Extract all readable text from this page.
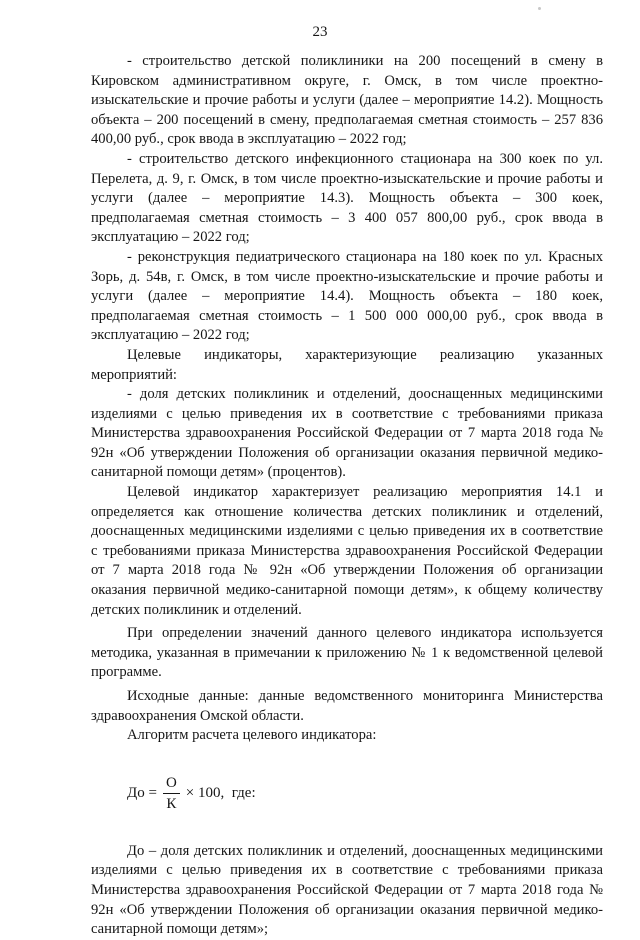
23

- строительство детской поликлиники на 200 посещений в смену в Кировском административном округе, г. Омск, в том числе проектно-изыскательские и прочие работы и услуги (далее – мероприятие 14.2). Мощность объекта – 200 посещений в смену, предполагаемая сметная стоимость – 257 836 400,00 руб., срок ввода в эксплуатацию – 2022 год;

- строительство детского инфекционного стационара на 300 коек по ул. Перелета, д. 9, г. Омск, в том числе проектно-изыскательские и прочие работы и услуги (далее – мероприятие 14.3). Мощность объекта – 300 коек, предполагаемая сметная стоимость – 3 400 057 800,00 руб., срок ввода в эксплуатацию – 2022 год;

- реконструкция педиатрического стационара на 180 коек по ул. Красных Зорь, д. 54в, г. Омск, в том числе проектно-изыскательские и прочие работы и услуги (далее – мероприятие 14.4). Мощность объекта – 180 коек, предполагаемая сметная стоимость – 1 500 000 000,00 руб., срок ввода в эксплуатацию – 2022 год;

Целевые индикаторы, характеризующие реализацию указанных мероприятий:

- доля детских поликлиник и отделений, дооснащенных медицинскими изделиями с целью приведения их в соответствие с требованиями приказа Министерства здравоохранения Российской Федерации от 7 марта 2018 года № 92н «Об утверждении Положения об организации оказания первичной медико-санитарной помощи детям» (процентов).

Целевой индикатор характеризует реализацию мероприятия 14.1 и определяется как отношение количества детских поликлиник и отделений, дооснащенных медицинскими изделиями с целью приведения их в соответствие с требованиями приказа Министерства здравоохранения Российской Федерации от 7 марта 2018 года № 92н «Об утверждении Положения об организации оказания первичной медико-санитарной помощи детям», к общему количеству детских поликлиник и отделений.

При определении значений данного целевого индикатора используется методика, указанная в примечании к приложению № 1 к ведомственной целевой программе.

Исходные данные: данные ведомственного мониторинга Министерства здравоохранения Омской области.

Алгоритм расчета целевого индикатора:

До
= $\frac{О}{К} \times 100$,
где:

До – доля детских поликлиник и отделений, дооснащенных медицинскими изделиями с целью приведения их в соответствие с требованиями приказа Министерства здравоохранения Российской Федерации от 7 марта 2018 года № 92н «Об утверждении Положения об организации оказания первичной медико-санитарной помощи детям»;
